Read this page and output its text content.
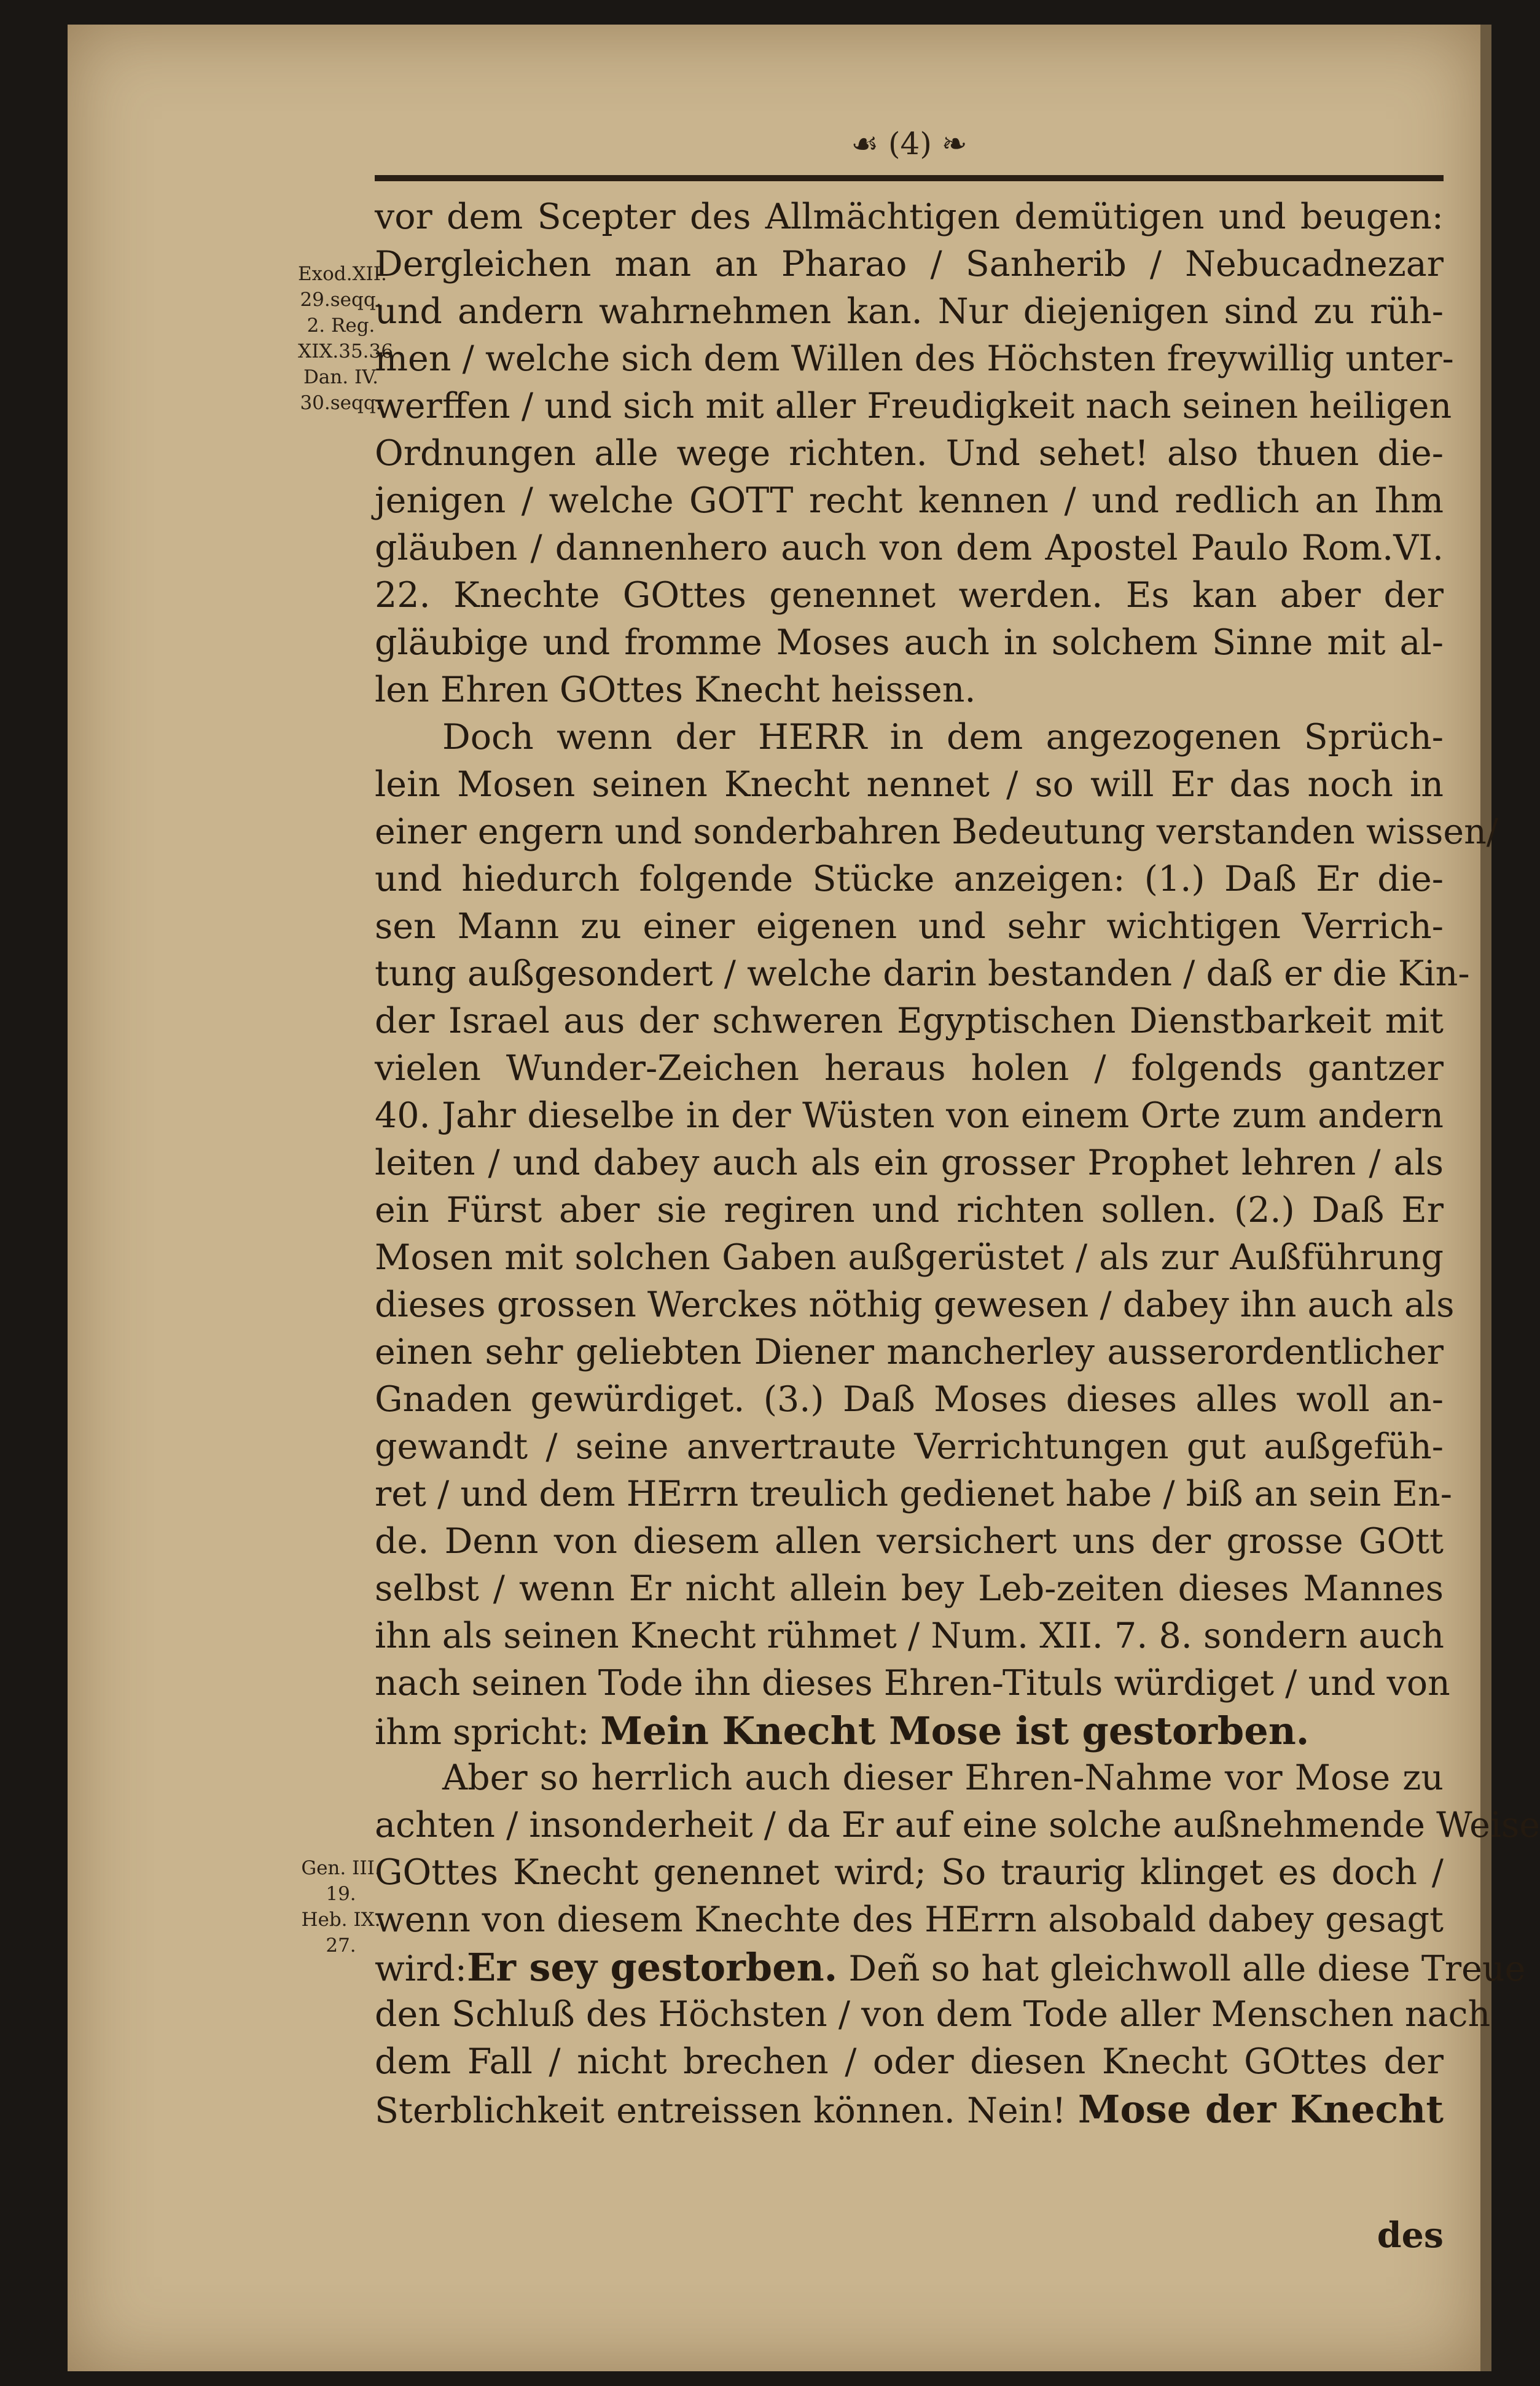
☙ (4) ❧
Exod.XII.
29.seqq.
2. Reg.
XIX.35.36
Dan. IV.
30.seqq.
Gen. III.
19.
Heb. IX.
27.
vor dem Scepter des Allmächtigen demütigen und beugen:
Dergleichen man an Pharao / Sanherib / Nebucadnezar
und andern wahrnehmen kan. Nur diejenigen sind zu rüh-
men / welche sich dem Willen des Höchsten freywillig unter-
werffen / und sich mit aller Freudigkeit nach seinen heiligen
Ordnungen alle wege richten. Und sehet! also thuen die-
jenigen / welche GOTT recht kennen / und redlich an Ihm
gläuben / dannenhero auch von dem Apostel Paulo Rom.VI.
22. Knechte GOttes genennet werden. Es kan aber der
gläubige und fromme Moses auch in solchem Sinne mit al-
len Ehren GOttes Knecht heissen.
Doch wenn der HERR in dem angezogenen Sprüch-
lein Mosen seinen Knecht nennet / so will Er das noch in
einer engern und sonderbahren Bedeutung verstanden wissen/
und hiedurch folgende Stücke anzeigen: (1.) Daß Er die-
sen Mann zu einer eigenen und sehr wichtigen Verrich-
tung außgesondert / welche darin bestanden / daß er die Kin-
der Israel aus der schweren Egyptischen Dienstbarkeit mit
vielen Wunder-Zeichen heraus holen / folgends gantzer
40. Jahr dieselbe in der Wüsten von einem Orte zum andern
leiten / und dabey auch als ein grosser Prophet lehren / als
ein Fürst aber sie regiren und richten sollen. (2.) Daß Er
Mosen mit solchen Gaben außgerüstet / als zur Außführung
dieses grossen Werckes nöthig gewesen / dabey ihn auch als
einen sehr geliebten Diener mancherley ausserordentlicher
Gnaden gewürdiget. (3.) Daß Moses dieses alles woll an-
gewandt / seine anvertraute Verrichtungen gut außgefüh-
ret / und dem HErrn treulich gedienet habe / biß an sein En-
de. Denn von diesem allen versichert uns der grosse GOtt
selbst / wenn Er nicht allein bey Leb-zeiten dieses Mannes
ihn als seinen Knecht rühmet / Num. XII. 7. 8. sondern auch
nach seinen Tode ihn dieses Ehren-Tituls würdiget / und von
ihm spricht: Mein Knecht Mose ist gestorben.
Aber so herrlich auch dieser Ehren-Nahme vor Mose zu
achten / insonderheit / da Er auf eine solche außnehmende Weise
GOttes Knecht genennet wird; So traurig klinget es doch /
wenn von diesem Knechte des HErrn alsobald dabey gesagt
wird:Er sey gestorben. Deñ so hat gleichwoll alle diese Treue
den Schluß des Höchsten / von dem Tode aller Menschen nach
dem Fall / nicht brechen / oder diesen Knecht GOttes der
Sterblichkeit entreissen können. Nein! Mose der Knecht
des
